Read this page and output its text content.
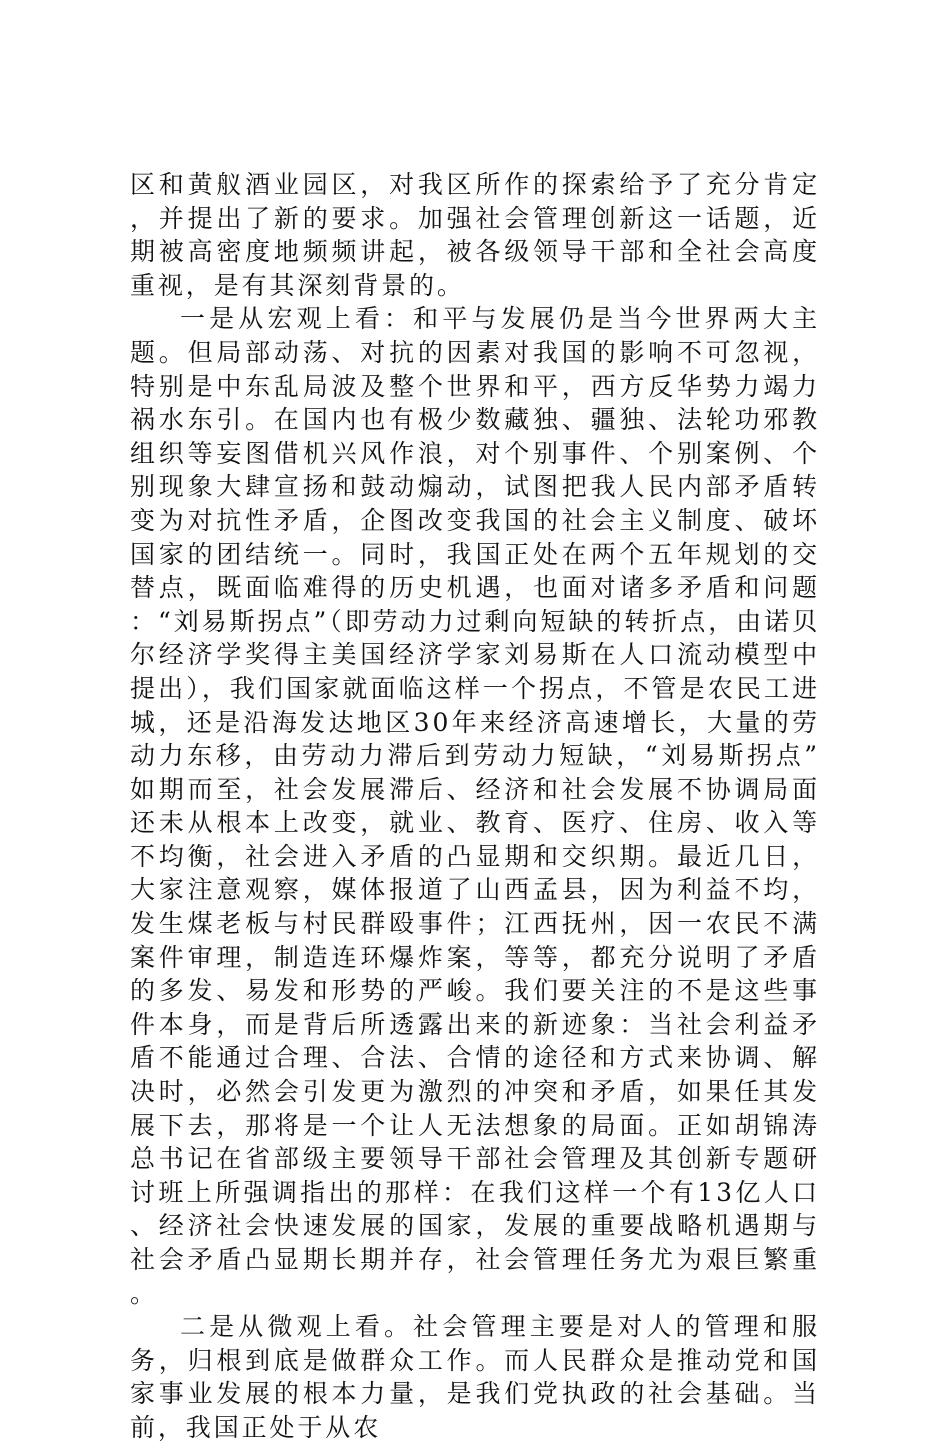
区和黄舣酒业园区，对我区所作的探索给予了充分肯定，并提出了新的要求。加强社会管理创新这一话题，近期被高密度地频频讲起，被各级领导干部和全社会高度重视，是有其深刻背景的。

一是从宏观上看：和平与发展仍是当今世界两大主题。但局部动荡、对抗的因素对我国的影响不可忽视，特别是中东乱局波及整个世界和平，西方反华势力竭力祸水东引。在国内也有极少数藏独、疆独、法轮功邪教组织等妄图借机兴风作浪，对个别事件、个别案例、个别现象大肆宣扬和鼓动煽动，试图把我人民内部矛盾转变为对抗性矛盾，企图改变我国的社会主义制度、破坏国家的团结统一。同时，我国正处在两个五年规划的交替点，既面临难得的历史机遇，也面对诸多矛盾和问题：“刘易斯拐点”（即劳动力过剩向短缺的转折点，由诺贝尔经济学奖得主美国经济学家刘易斯在人口流动模型中提出），我们国家就面临这样一个拐点，不管是农民工进城，还是沿海发达地区30年来经济高速增长，大量的劳动力东移，由劳动力滞后到劳动力短缺，“刘易斯拐点”如期而至，社会发展滞后、经济和社会发展不协调局面还未从根本上改变，就业、教育、医疗、住房、收入等不均衡，社会进入矛盾的凸显期和交织期。最近几日，大家注意观察，媒体报道了山西孟县，因为利益不均，发生煤老板与村民群殴事件；江西抚州，因一农民不满案件审理，制造连环爆炸案，等等，都充分说明了矛盾的多发、易发和形势的严峻。我们要关注的不是这些事件本身，而是背后所透露出来的新迹象：当社会利益矛盾不能通过合理、合法、合情的途径和方式来协调、解决时，必然会引发更为激烈的冲突和矛盾，如果任其发展下去，那将是一个让人无法想象的局面。正如胡锦涛总书记在省部级主要领导干部社会管理及其创新专题研讨班上所强调指出的那样：在我们这样一个有13亿人口、经济社会快速发展的国家，发展的重要战略机遇期与社会矛盾凸显期长期并存，社会管理任务尤为艰巨繁重。

二是从微观上看。社会管理主要是对人的管理和服务，归根到底是做群众工作。而人民群众是推动党和国家事业发展的根本力量，是我们党执政的社会基础。当前，我国正处于从农
